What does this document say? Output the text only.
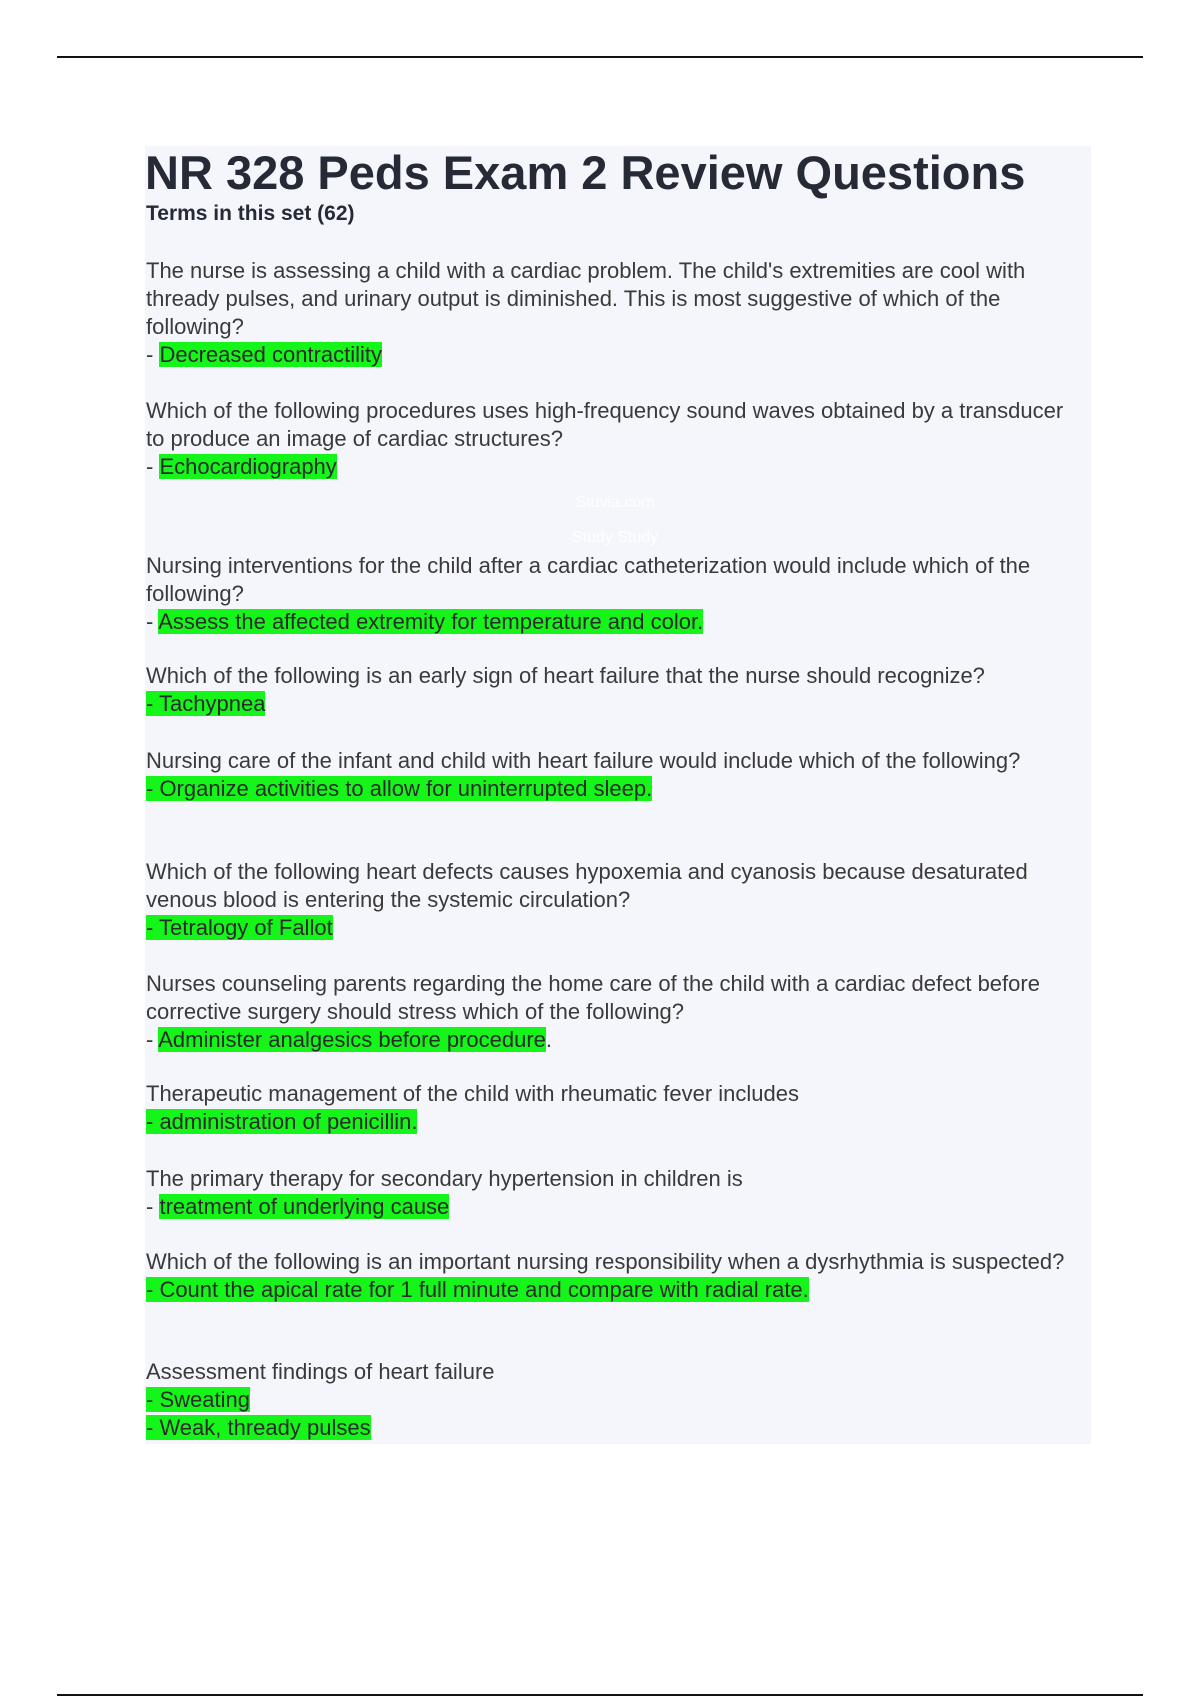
NR 328 Peds Exam 2 Review Questions

Terms in this set (62)

Stuvia.com
Study Study

The nurse is assessing a child with a cardiac problem. The child's extremities are cool with thready pulses, and urinary output is diminished. This is most suggestive of which of the following?

- Decreased contractility

Which of the following procedures uses high-frequency sound waves obtained by a transducer to produce an image of cardiac structures?

- Echocardiography

Nursing interventions for the child after a cardiac catheterization would include which of the following?

- Assess the affected extremity for temperature and color.

Which of the following is an early sign of heart failure that the nurse should recognize?

- Tachypnea

Nursing care of the infant and child with heart failure would include which of the following?

- Organize activities to allow for uninterrupted sleep.

Which of the following heart defects causes hypoxemia and cyanosis because desaturated venous blood is entering the systemic circulation?

- Tetralogy of Fallot

Nurses counseling parents regarding the home care of the child with a cardiac defect before corrective surgery should stress which of the following?

- Administer analgesics before procedure.

Therapeutic management of the child with rheumatic fever includes

- administration of penicillin.

The primary therapy for secondary hypertension in children is

- treatment of underlying cause

Which of the following is an important nursing responsibility when a dysrhythmia is suspected?

- Count the apical rate for 1 full minute and compare with radial rate.

Assessment findings of heart failure

- Sweating

- Weak, thready pulses
